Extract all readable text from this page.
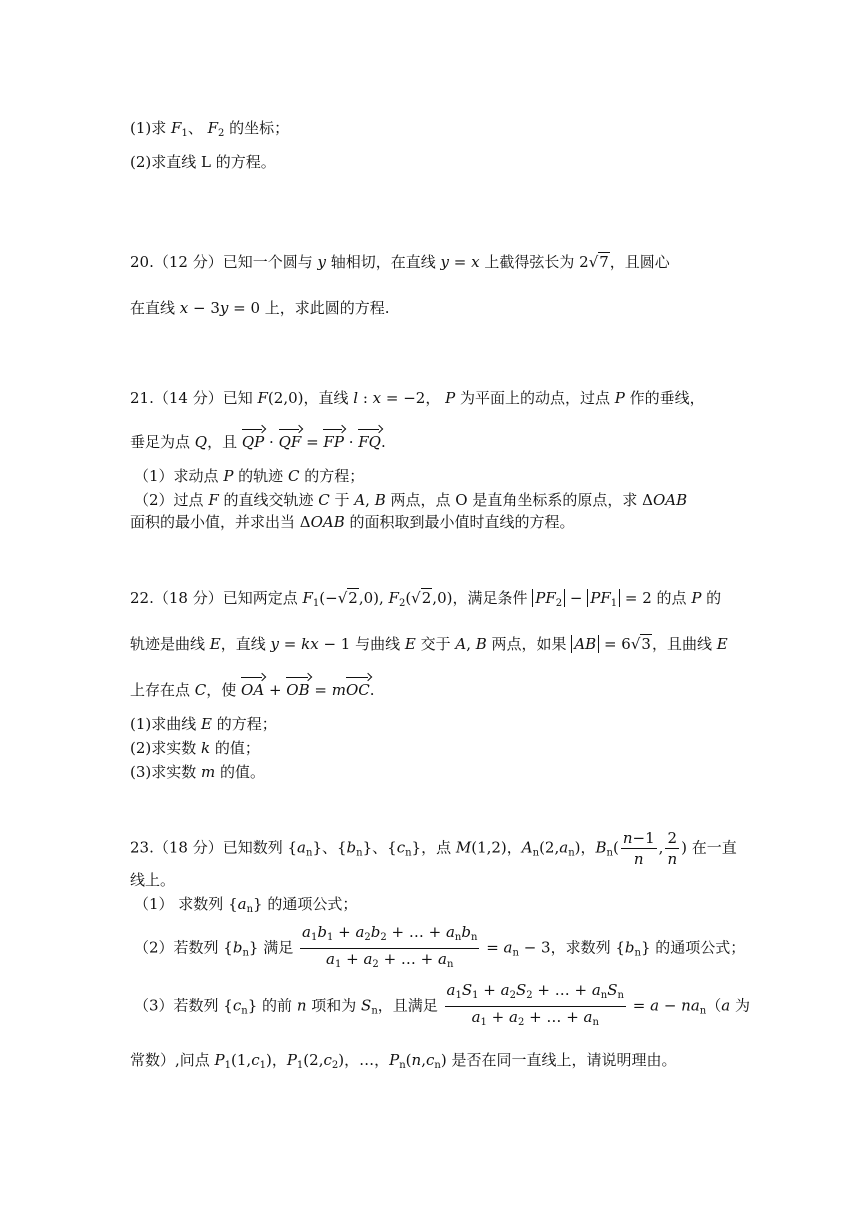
(1)求 $F_1$、 $F_2$ 的坐标；
(2)求直线 L 的方程。
20.（12 分）已知一个圆与 y 轴相切，在直线 y = x 上截得弦长为 2√7，且圆心
在直线 x − 3y = 0 上，求此圆的方程.
21.（14 分）已知 F(2,0)，直线 l : x = −2， P 为平面上的动点，过点 P 作的垂线，
垂足为点 Q，且 QP · QF = FP · FQ.
（1）求动点 P 的轨迹 C 的方程；
（2）过点 F 的直线交轨迹 C 于 A, B 两点，点 O 是直角坐标系的原点，求 ΔOAB
面积的最小值，并求出当 ΔOAB 的面积取到最小值时直线的方程。
22.（18 分）已知两定点 $F_1(-√2,0)$, $F_2(√2,0)$，满足条件 $PF_2 - PF_1 = 2$ 的点 P 的
轨迹是曲线 E，直线 y = kx − 1 与曲线 E 交于 A, B 两点，如果 AB = 6√3，且曲线 E
上存在点 C，使 OA + OB = mOC.
(1)求曲线 E 的方程；
(2)求实数 k 的值；
(3)求实数 m 的值。
23.（18 分）已知数列 $\{a_n\}$、$\{b_n\}$、$\{c_n\}$，点 M(1,2)，$A_n(2,a_n)$，$B_n( \frac{n-1}{n}$ , $\frac{2}{n}$ ) 在一直
线上。
（1） 求数列 $\{a_n\}$ 的通项公式；
（2）若数列 $\{b_n\}$ 满足 $\frac{a_1b_1 + a_2b_2 + \dots + a_nb_n}{a_1 + a_2 + \dots + a_n} = a_n - 3$，求数列 $\{b_n\}$ 的通项公式；
（3）若数列 $\{c_n\}$ 的前 n 项和为 $S_n$，且满足 $\frac{a_1S_1 + a_2S_2 + \dots + a_nS_n}{a_1 + a_2 + \dots + a_n} = a - na_n(a$ 为
常数）,问点 $P_1(1,c_1)$，$P_1(2,c_2)$，…，$P_n(n,c_n)$ 是否在同一直线上，请说明理由。
